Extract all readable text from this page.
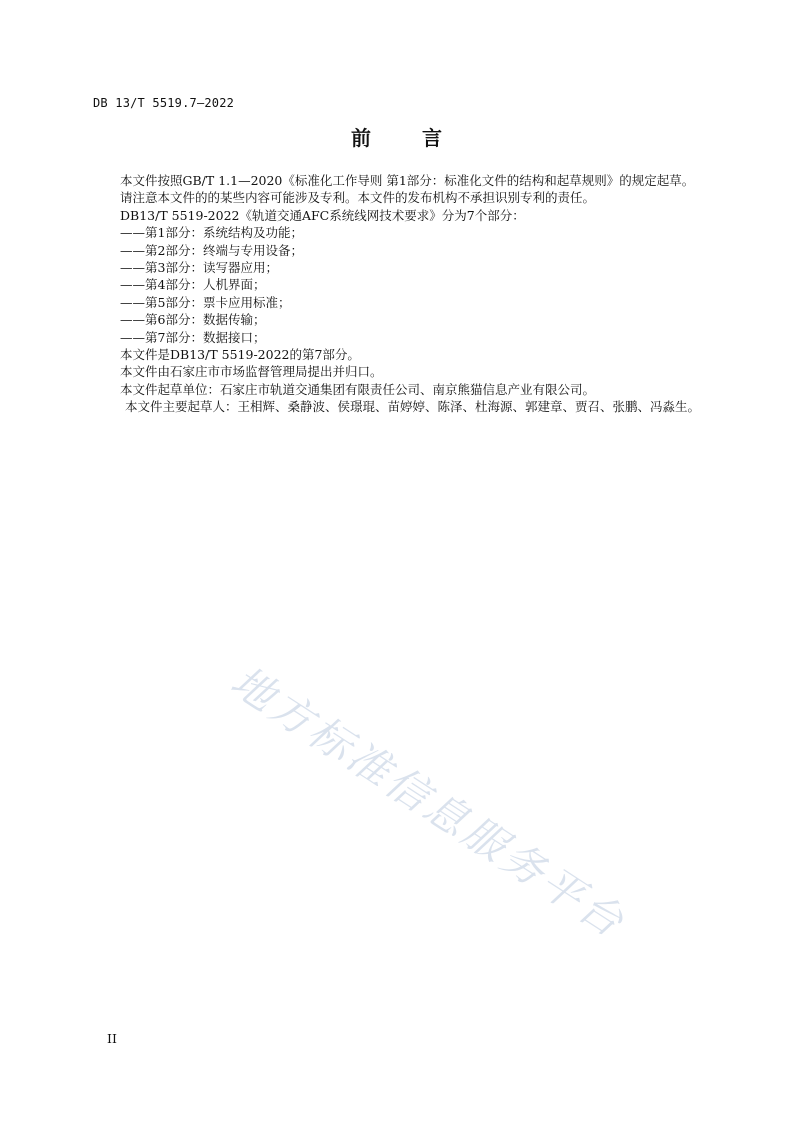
DB 13/T 5519.7—2022
前 言

本文件按照GB/T 1.1—2020《标准化工作导则 第1部分：标准化文件的结构和起草规则》的规定起草。

请注意本文件的的某些内容可能涉及专利。本文件的发布机构不承担识别专利的责任。

DB13/T 5519-2022《轨道交通AFC系统线网技术要求》分为7个部分：

——第1部分：系统结构及功能；

——第2部分：终端与专用设备；

——第3部分：读写器应用；

——第4部分：人机界面；

——第5部分：票卡应用标准；

——第6部分：数据传输；

——第7部分：数据接口；

本文件是DB13/T 5519-2022的第7部分。

本文件由石家庄市市场监督管理局提出并归口。

本文件起草单位：石家庄市轨道交通集团有限责任公司、南京熊猫信息产业有限公司。

本文件主要起草人：王相辉、桑静波、侯璟琨、苗婷婷、陈泽、杜海源、郭建章、贾召、张鹏、冯淼生。

地方标准信息服务平台
II
